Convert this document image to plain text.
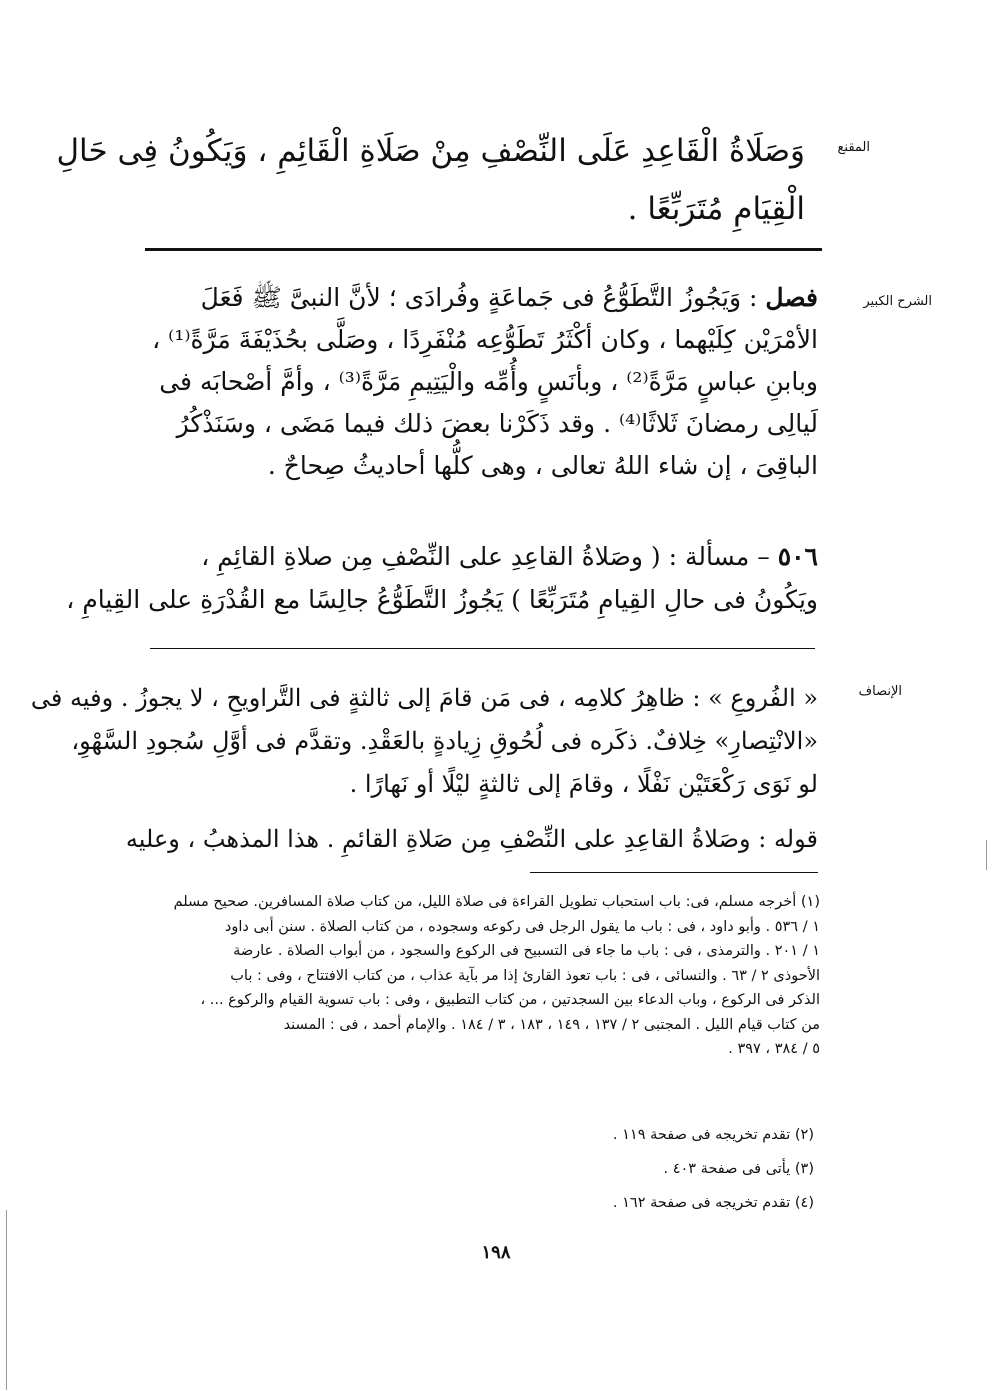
المقنع
وَصَلَاةُ الْقَاعِدِ عَلَى النِّصْفِ مِنْ صَلَاةِ الْقَائِمِ ، وَيَكُونُ فِى حَالِ
الْقِيَامِ مُتَرَبِّعًا .
الشرح الكبير
فصل : وَيَجُوزُ التَّطَوُّعُ فى جَماعَةٍ وفُرادَى ؛ لأنَّ النبىَّ ﷺ فَعَلَ
الأمْرَيْن كِلَيْهما ، وكان أكْثَرُ تَطَوُّعِه مُنْفَرِدًا ، وصَلَّى بحُذَيْفَةَ مَرَّةً⁽¹⁾ ،
وبابنِ عباسٍ مَرَّةً⁽²⁾ ، وبأنَسٍ وأُمِّه والْيَتِيمِ مَرَّةً⁽³⁾ ، وأمَّ أصْحابَه فى
لَيالِى رمضانَ ثَلاثًا⁽⁴⁾ . وقد ذَكَرْنا بعضَ ذلك فيما مَضَى ، وسَنَذْكُرُ
الباقِىَ ، إن شاء اللهُ تعالى ، وهى كلُّها أحاديثُ صِحاحٌ .
٥٠٦ – مسألة : ( وصَلاةُ القاعِدِ على النِّصْفِ مِن صلاةِ القائِمِ ،
ويَكُونُ فى حالِ القِيامِ مُتَرَبِّعًا ) يَجُوزُ التَّطَوُّعُ جالِسًا مع القُدْرَةِ على القِيامِ ،
الإنصاف
« الفُروعِ » : ظاهِرُ كلامِه ، فى مَن قامَ إلى ثالثةٍ فى التَّراويحِ ، لا يجوزُ . وفيه فى
«الانْتِصارِ» خِلافٌ. ذكَره فى لُحُوقِ زِيادةٍ بالعَقْدِ. وتقدَّم فى أوَّلِ سُجودِ السَّهْوِ،
لو نَوَى رَكْعَتَيْن نَفْلًا ، وقامَ إلى ثالثةٍ ليْلًا أو نَهارًا .
قوله : وصَلاةُ القاعِدِ على النِّصْفِ مِن صَلاةِ القائمِ . هذا المذهبُ ، وعليه
(١) أخرجه مسلم، فى: باب استحباب تطويل القراءة فى صلاة الليل، من كتاب صلاة المسافرين. صحيح مسلم
١ / ٥٣٦ . وأبو داود ، فى : باب ما يقول الرجل فى ركوعه وسجوده ، من كتاب الصلاة . سنن أبى داود
١ / ٢٠١ . والترمذى ، فى : باب ما جاء فى التسبيح فى الركوع والسجود ، من أبواب الصلاة . عارضة
الأحوذى ٢ / ٦٣ . والنسائى ، فى : باب تعوذ القارئ إذا مر بآية عذاب ، من كتاب الافتتاح ، وفى : باب
الذكر فى الركوع ، وباب الدعاء بين السجدتين ، من كتاب التطبيق ، وفى : باب تسوية القيام والركوع ... ،
من كتاب قيام الليل . المجتبى ٢ / ١٣٧ ، ١٤٩ ، ١٨٣ ، ٣ / ١٨٤ . والإمام أحمد ، فى : المسند
٥ / ٣٨٤ ، ٣٩٧ .
(٢) تقدم تخريجه فى صفحة ١١٩ .
(٣) يأتى فى صفحة ٤٠٣ .
(٤) تقدم تخريجه فى صفحة ١٦٢ .
١٩٨
